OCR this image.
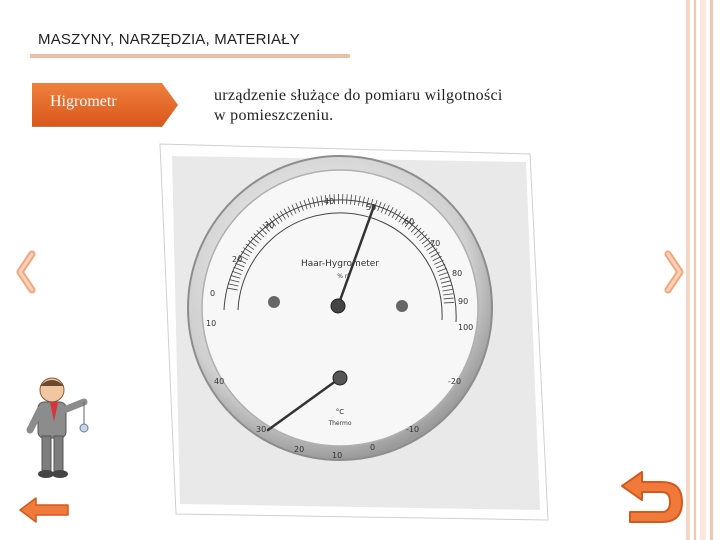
MASZYNY, NARZĘDZIA, MATERIAŁY
Higrometr	urządzenie służące do pomiaru wilgotności
w pomieszczeniu.
Haar-Hygrometer
% rF
°C
Thermo
20
30
40
50
60
70
80
90
100
10
0
40
30
20
10
0
-10
-20
